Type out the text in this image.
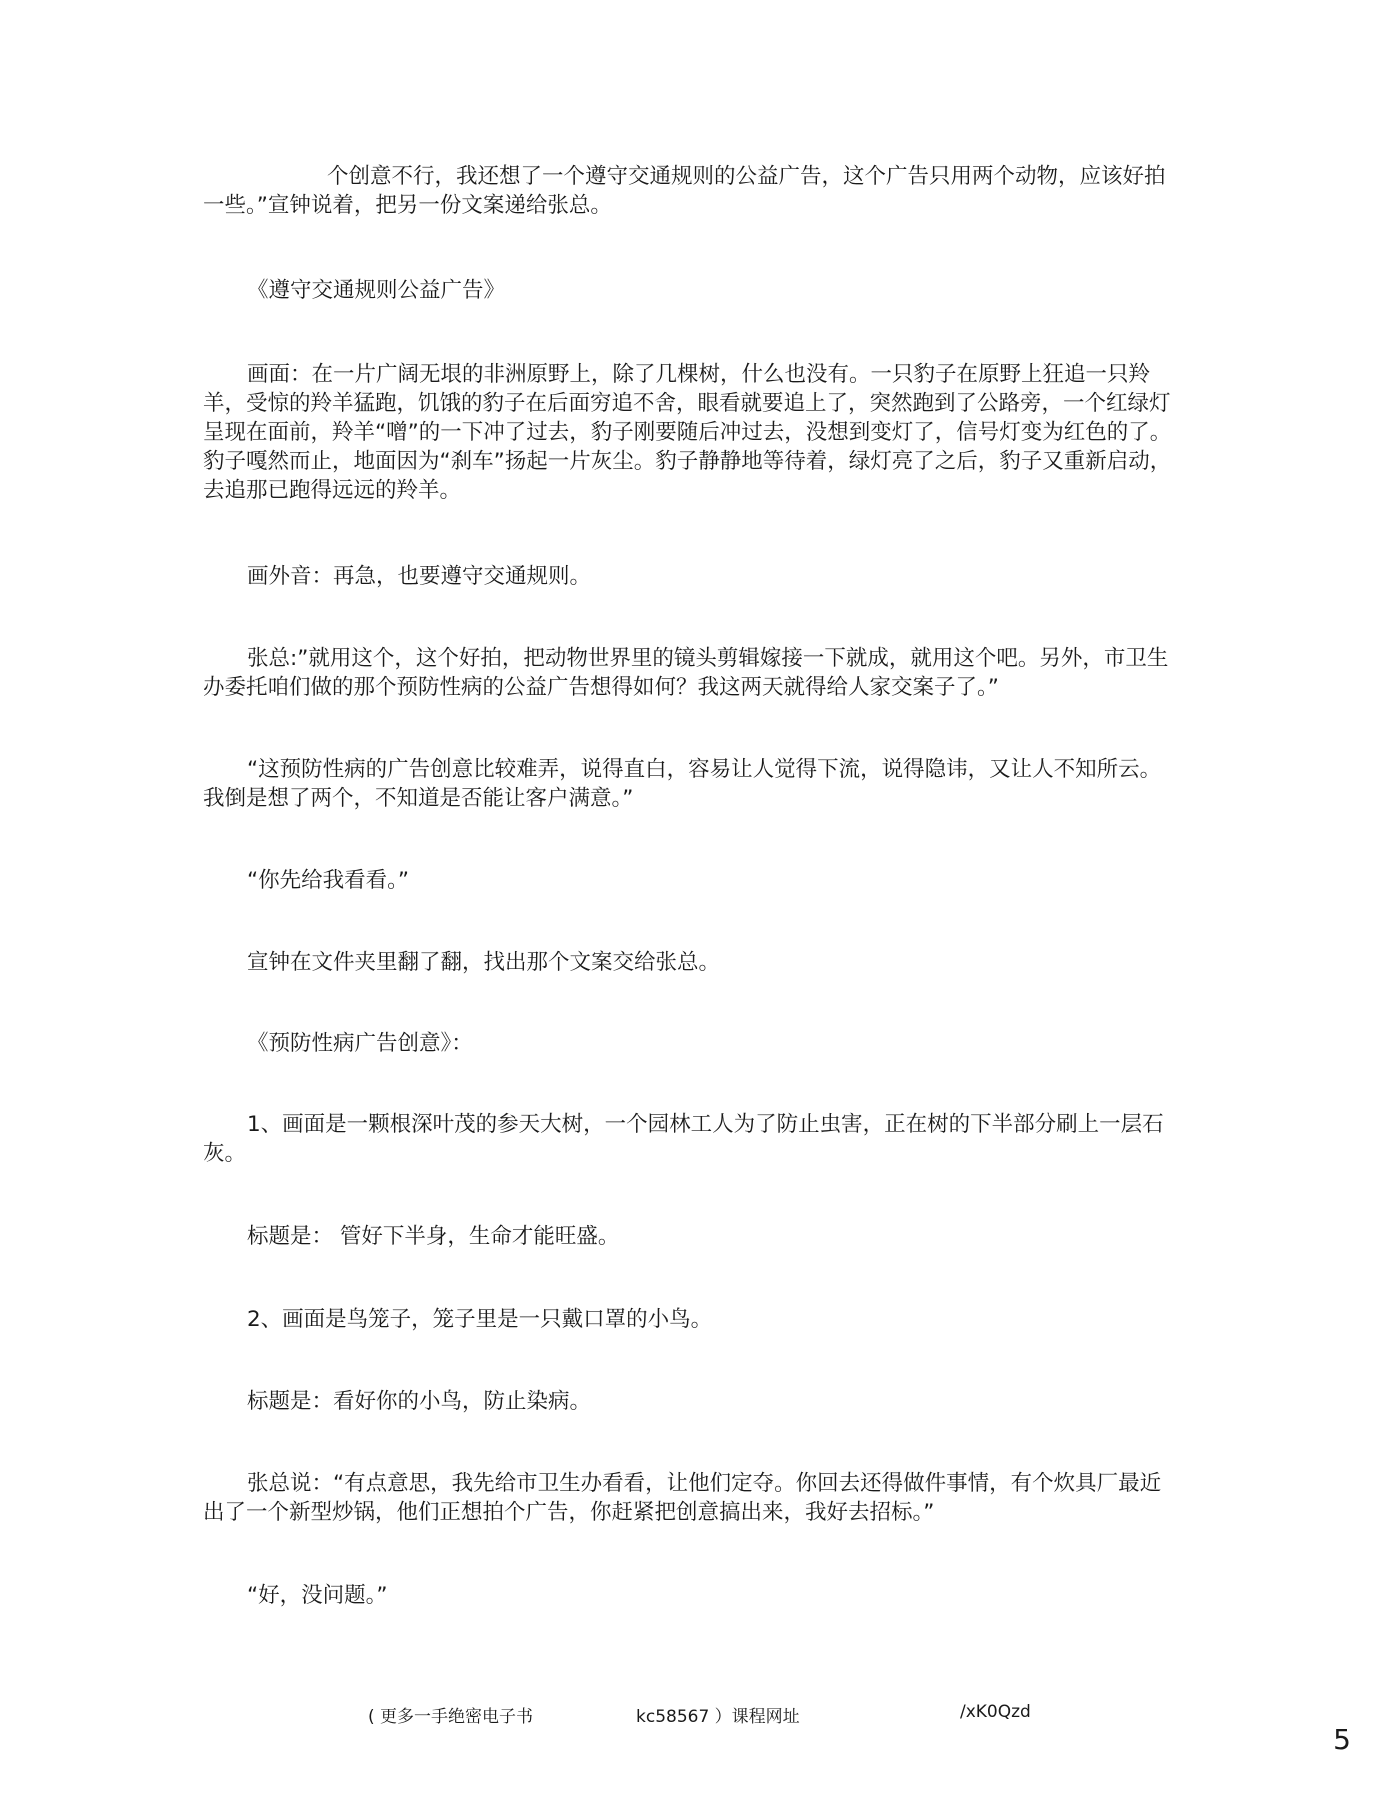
个创意不行，我还想了一个遵守交通规则的公益广告，这个广告只用两个动物，应该好拍一些。”宣钟说着，把另一份文案递给张总。

《遵守交通规则公益广告》

画面：在一片广阔无垠的非洲原野上，除了几棵树，什么也没有。一只豹子在原野上狂追一只羚羊，受惊的羚羊猛跑，饥饿的豹子在后面穷追不舍，眼看就要追上了，突然跑到了公路旁，一个红绿灯呈现在面前，羚羊“噌”的一下冲了过去，豹子刚要随后冲过去，没想到变灯了，信号灯变为红色的了。豹子嘎然而止，地面因为“刹车”扬起一片灰尘。豹子静静地等待着，绿灯亮了之后，豹子又重新启动，去追那已跑得远远的羚羊。

画外音：再急，也要遵守交通规则。

张总:”就用这个，这个好拍，把动物世界里的镜头剪辑嫁接一下就成，就用这个吧。另外，市卫生办委托咱们做的那个预防性病的公益广告想得如何？我这两天就得给人家交案子了。”

“这预防性病的广告创意比较难弄，说得直白，容易让人觉得下流，说得隐讳，又让人不知所云。我倒是想了两个，不知道是否能让客户满意。”

“你先给我看看。”

宣钟在文件夹里翻了翻，找出那个文案交给张总。

《预防性病广告创意》：

1、画面是一颗根深叶茂的参天大树，一个园林工人为了防止虫害，正在树的下半部分刷上一层石灰。

标题是： 管好下半身，生命才能旺盛。

2、画面是鸟笼子，笼子里是一只戴口罩的小鸟。

标题是：看好你的小鸟，防止染病。

张总说：“有点意思，我先给市卫生办看看，让他们定夺。你回去还得做件事情，有个炊具厂最近出了一个新型炒锅，他们正想拍个广告，你赶紧把创意搞出来，我好去招标。”

“好，没问题。”

( 更多一手绝密电子书	kc58567 ）课程网址	/xK0Qzd
5
